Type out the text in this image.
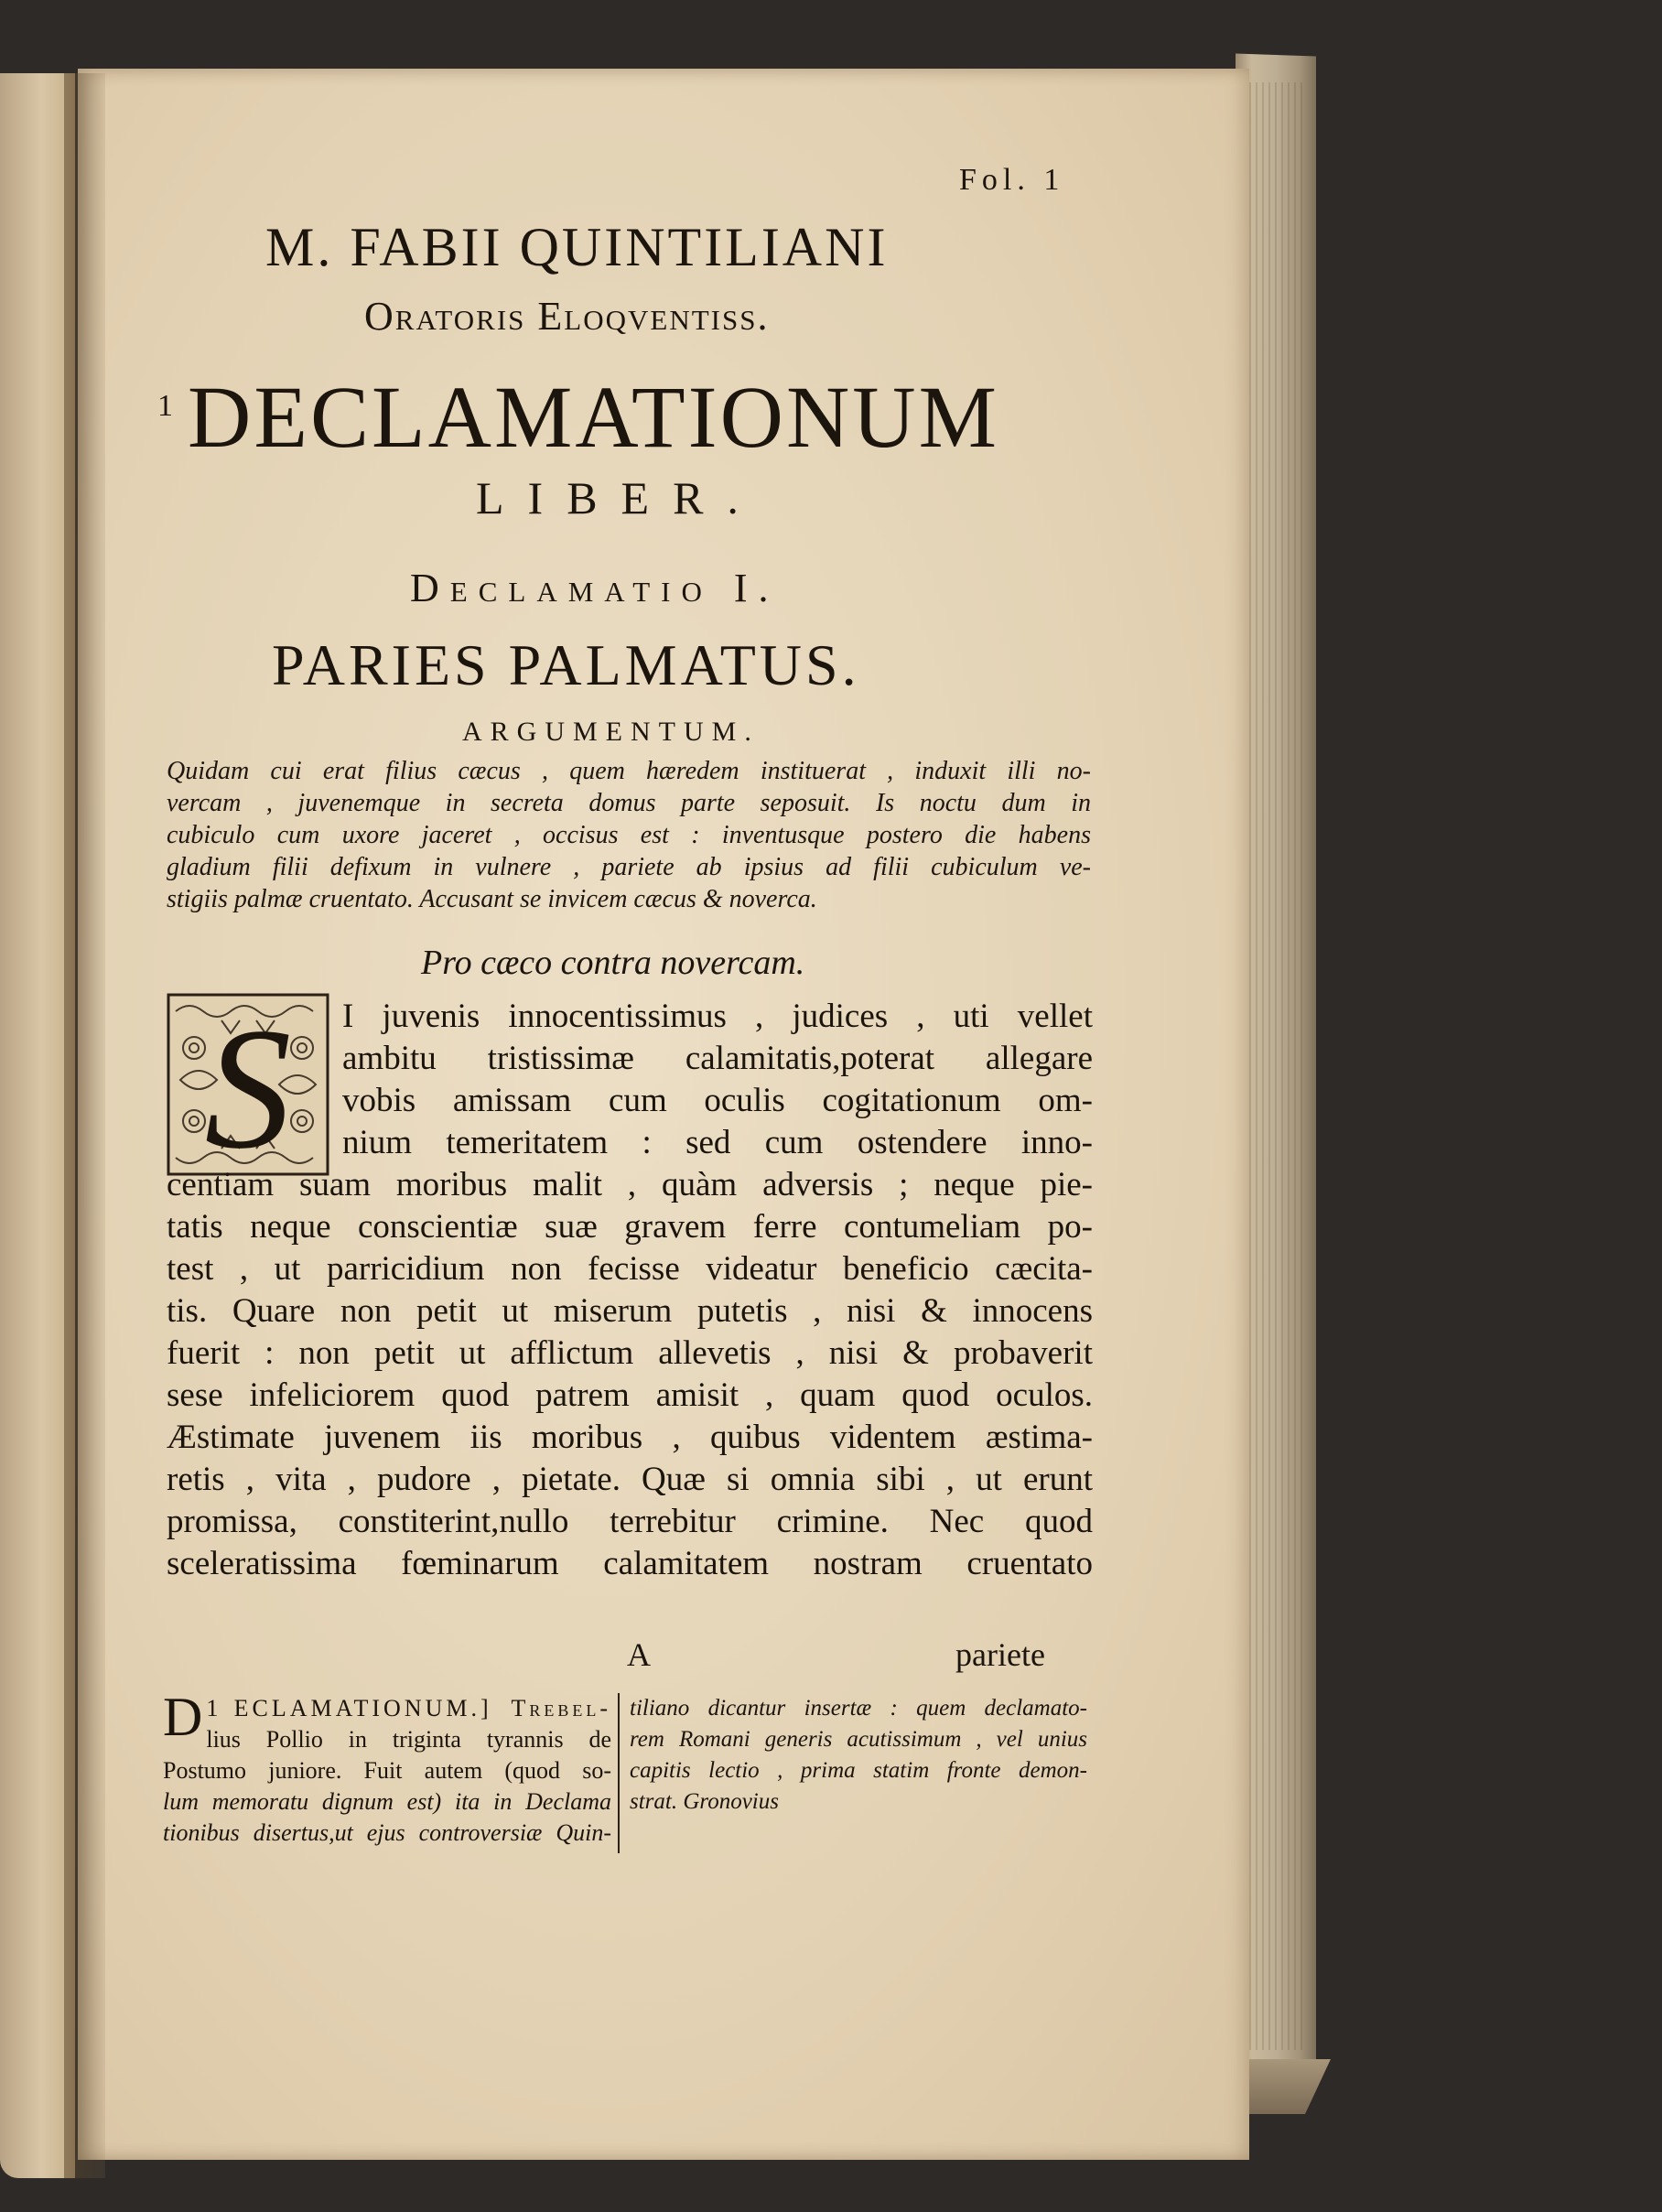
Fol. 1
M. FABII QUINTILIANI
Oratoris Eloqventiss.
1 DECLAMATIONUM
LIBER.
Declamatio I.
PARIES PALMATUS.
ARGUMENTUM.
Quidam cui erat filius cæcus , quem hæredem instituerat , induxit illi no-
vercam , juvenemque in secreta domus parte seposuit. Is noctu dum in
cubiculo cum uxore jaceret , occisus est : inventusque postero die habens
gladium filii defixum in vulnere , pariete ab ipsius ad filii cubiculum ve-
stigiis palmæ cruentato. Accusant se invicem cæcus & noverca.
Pro cæco contra novercam.
S	I juvenis innocentissimus , judices , uti vellet
ambitu tristissimæ calamitatis,poterat allegare
vobis amissam cum oculis cogitationum om-
nium temeritatem : sed cum ostendere inno-
centiam suam moribus malit , quàm adversis ; neque pie-
tatis neque conscientiæ suæ gravem ferre contumeliam po-
test , ut parricidium non fecisse videatur beneficio cæcita-
tis. Quare non petit ut miserum putetis , nisi & innocens
fuerit : non petit ut afflictum allevetis , nisi & probaverit
sese infeliciorem quod patrem amisit , quam quod oculos.
Æstimate juvenem iis moribus , quibus videntem æstima-
retis , vita , pudore , pietate. Quæ si omnia sibi , ut erunt
promissa, constiterint,nullo terrebitur crimine. Nec quod
sceleratissima fœminarum calamitatem nostram cruentato
A	pariete
D 1 ECLAMATIONUM.] Trebel-
lius Pollio in triginta tyrannis de
Postumo juniore. Fuit autem (quod so-
lum memoratu dignum est) ita in Declama
tionibus disertus,ut ejus controversiæ Quin-
tiliano dicantur insertæ : quem declamato-
rem Romani generis acutissimum , vel unius
capitis lectio , prima statim fronte demon-
strat. Gronovius
